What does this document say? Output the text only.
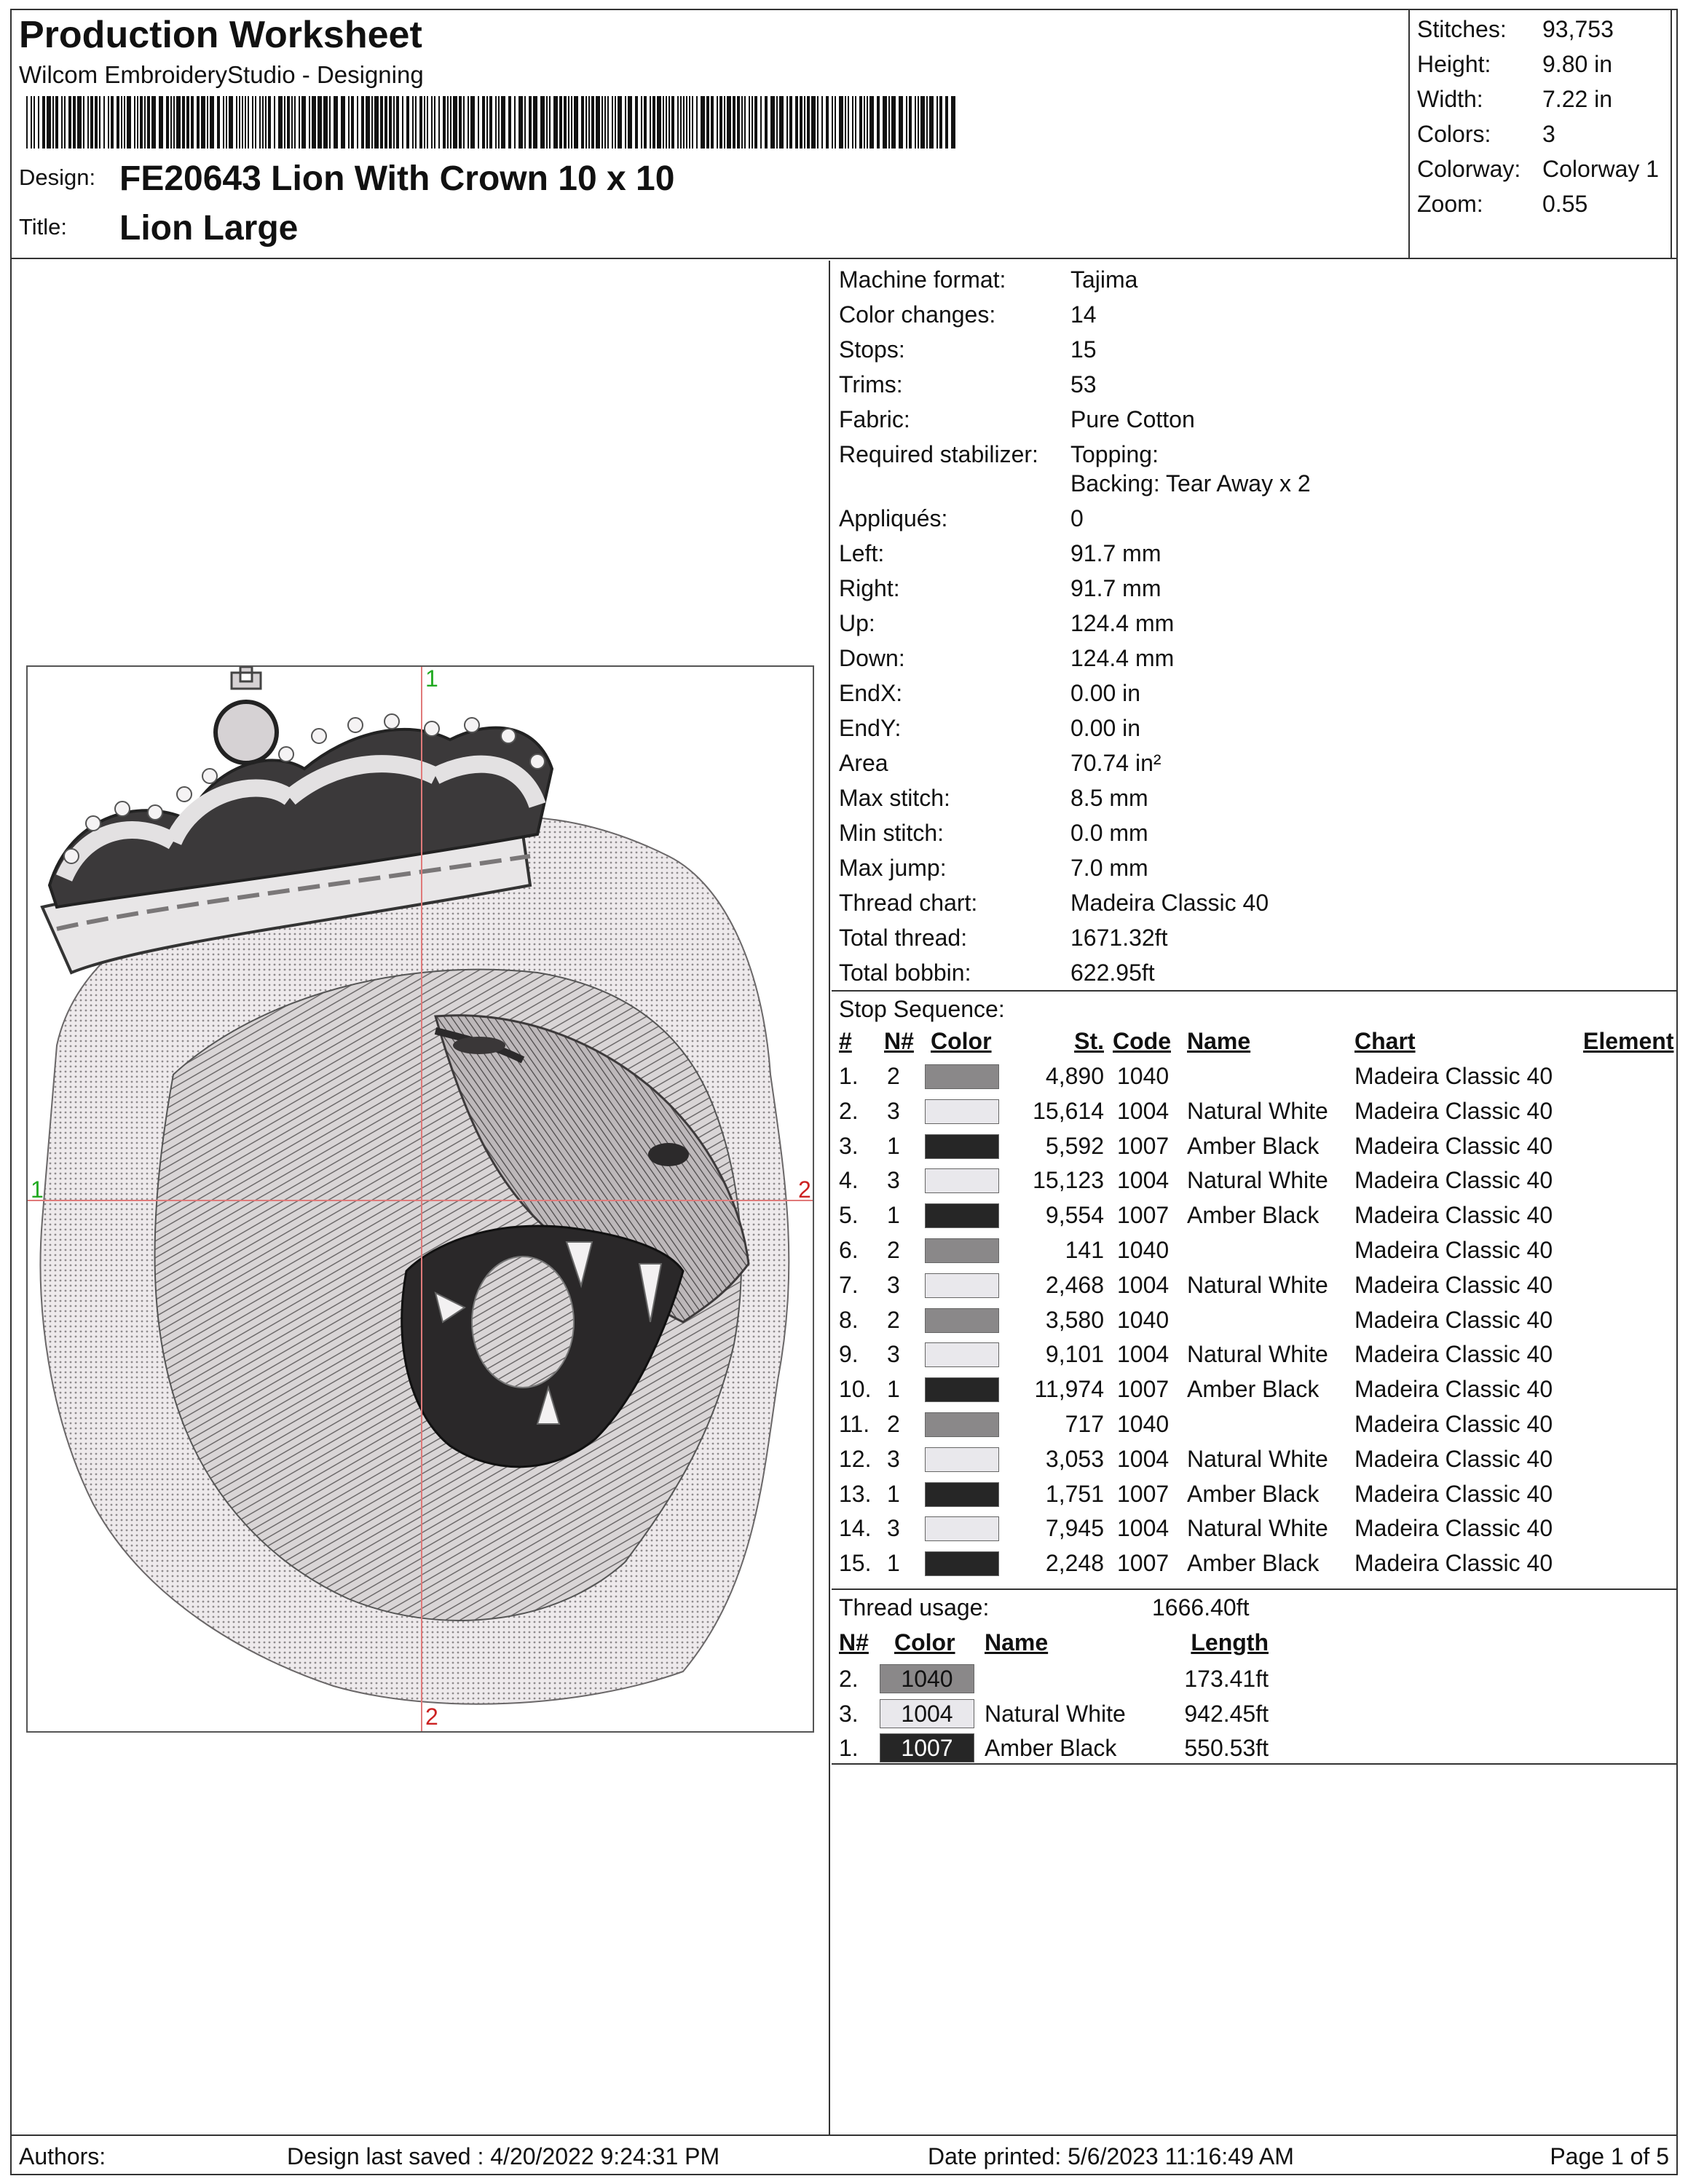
Production Worksheet
Wilcom EmbroideryStudio - Designing
Design: FE20643 Lion With Crown 10 x 10
Title: Lion Large
Stitches: 93,753
Height: 9.80 in
Width:	7.22 in
Colors: 3
Colorway: Colorway 1
Zoom:	0.55
1
1	2
2
Machine format:	Tajima
Color changes:	14
Stops:	15
Trims:	53
Fabric:	Pure Cotton
Required stabilizer: Topping:
Backing: Tear Away x 2
Appliqués:	0
Left:	91.7 mm
Right:	91.7 mm
Up:	124.4 mm
Down:	124.4 mm
EndX:	0.00 in
EndY:	0.00 in
Area	70.74 in²
Max stitch:	8.5 mm
Min stitch:	0.0 mm
Max jump:	7.0 mm
Thread chart:	Madeira Classic 40
Total thread:	1671.32ft
Total bobbin:	622.95ft
Stop Sequence:
# N# Color	St. Code Name	Chart	Element
1. 2	4,890 1040	Madeira Classic 40
2. 3	15,614 1004 Natural White Madeira Classic 40
3. 1	5,592 1007 Amber Black Madeira Classic 40
4. 3	15,123 1004 Natural White Madeira Classic 40
5. 1	9,554 1007 Amber Black Madeira Classic 40
6. 2	141 1040	Madeira Classic 40
7. 3	2,468 1004 Natural White Madeira Classic 40
8. 2	3,580 1040	Madeira Classic 40
9. 3	9,101 1004 Natural White Madeira Classic 40
10. 1	11,974 1007 Amber Black Madeira Classic 40
11. 2	717 1040	Madeira Classic 40
12. 3	3,053 1004 Natural White Madeira Classic 40
13. 1	1,751 1007 Amber Black Madeira Classic 40
14. 3	7,945 1004 Natural White Madeira Classic 40
15. 1	2,248 1007 Amber Black Madeira Classic 40
Thread usage:	1666.40ft
N# Color Name	Length
2.	1040	173.41ft
3.	1004	Natural White	942.45ft
1.	1007	Amber Black	550.53ft
Authors:	Design last saved : 4/20/2022 9:24:31 PM	Date printed: 5/6/2023 11:16:49 AM	Page 1 of 5
